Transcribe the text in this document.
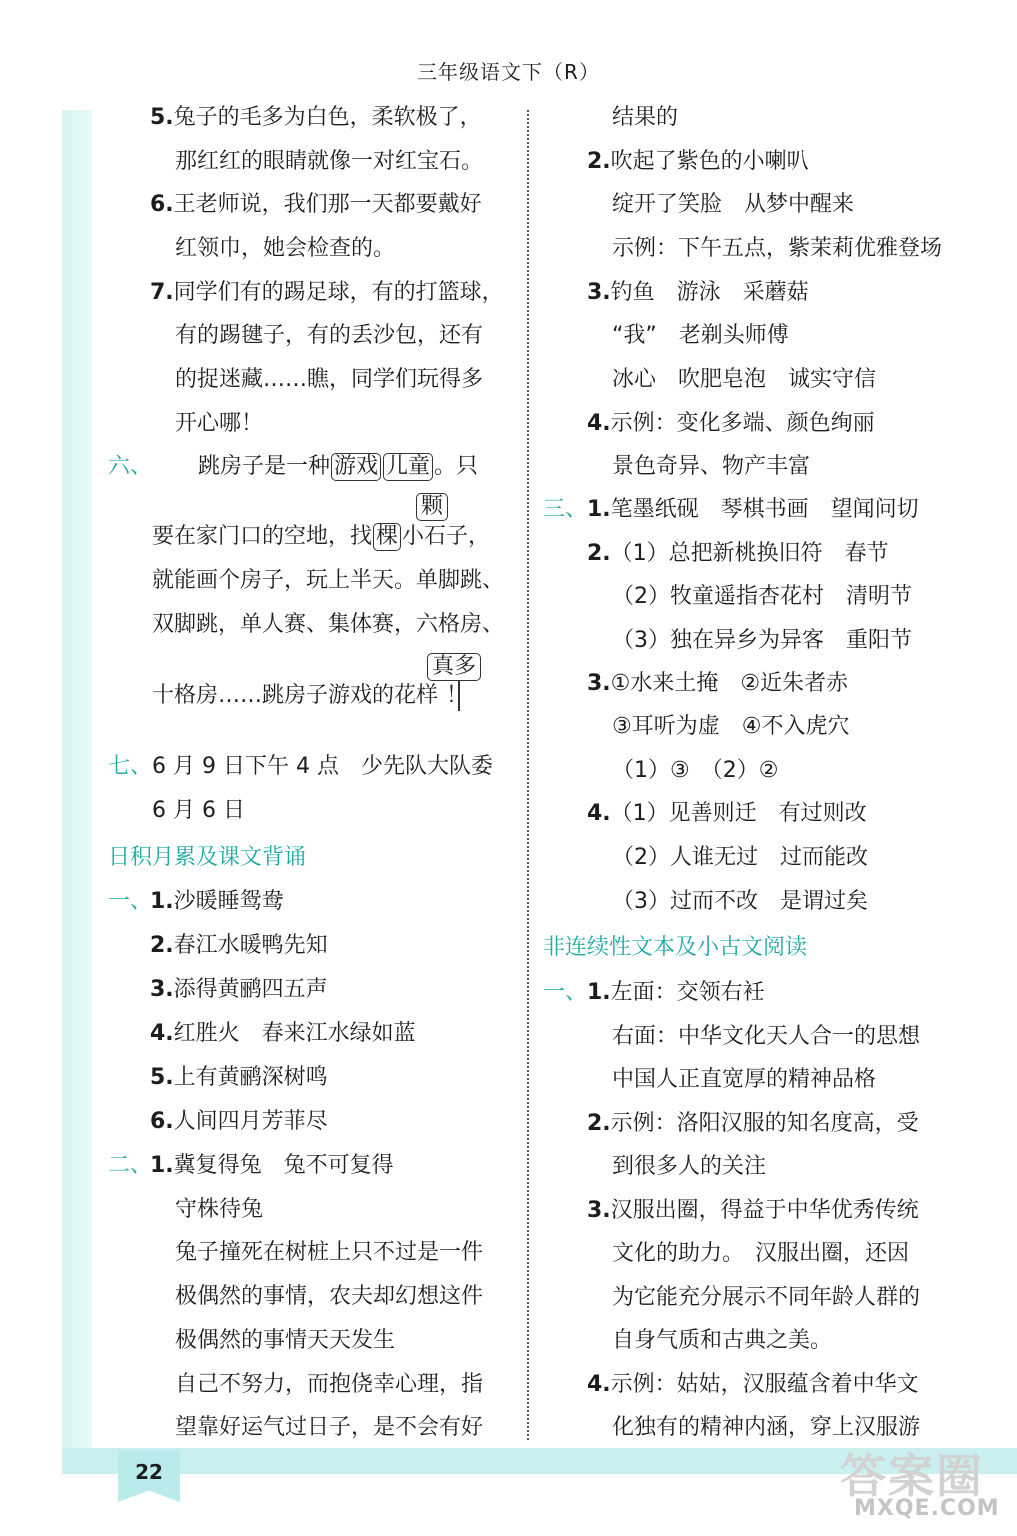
22
三年级语文下（R）
5.兔子的毛多为白色，柔软极了，
那红红的眼睛就像一对红宝石。
6.王老师说，我们那一天都要戴好
红领巾，她会检查的。
7.同学们有的踢足球，有的打篮球，
有的踢毽子，有的丢沙包，还有
的捉迷藏……瞧，同学们玩得多
开心哪！
六、 跳房子是一种 游戏 儿童 。只
颗
要在家门口的空地，找 棵 小石子，
就能画个房子，玩上半天。单脚跳、
双脚跳，单人赛、集体赛，六格房、
真多
十格房……跳房子游戏的花样 ！
七、 6 月 9 日下午 4 点　少先队大队委
6 月 6 日
日积月累及课文背诵
一、
1.沙暖睡鸳鸯
2.春江水暖鸭先知
3.添得黄鹂四五声
4.红胜火　春来江水绿如蓝
5.上有黄鹂深树鸣
6.人间四月芳菲尽
二、
1.冀复得兔　兔不可复得
守株待兔
兔子撞死在树桩上只不过是一件
极偶然的事情，农夫却幻想这件
极偶然的事情天天发生
自己不努力，而抱侥幸心理，指
望靠好运气过日子，是不会有好
结果的
2.吹起了紫色的小喇叭
绽开了笑脸　从梦中醒来
示例：下午五点，紫茉莉优雅登场
3.钓鱼　游泳　采蘑菇
“我”　老剃头师傅
冰心　吹肥皂泡　诚实守信
4.示例：变化多端、颜色绚丽
景色奇异、物产丰富
三、 1.笔墨纸砚　琴棋书画　望闻问切
2.（1）总把新桃换旧符　春节
（2）牧童遥指杏花村　清明节
（3）独在异乡为异客　重阳节
3.①水来土掩　②近朱者赤
③耳听为虚　④不入虎穴
（1）③　（2）②
4.（1）见善则迁　有过则改
（2）人谁无过　过而能改
（3）过而不改　是谓过矣
非连续性文本及小古文阅读
一、 1.左面：交领右衽
右面：中华文化天人合一的思想
中国人正直宽厚的精神品格
2.示例：洛阳汉服的知名度高，受
到很多人的关注
3.汉服出圈，得益于中华优秀传统
文化的助力。　汉服出圈，还因
为它能充分展示不同年龄人群的
自身气质和古典之美。
4.示例：姑姑，汉服蕴含着中华文
化独有的精神内涵，穿上汉服游
答案圈
MXQE.COM
